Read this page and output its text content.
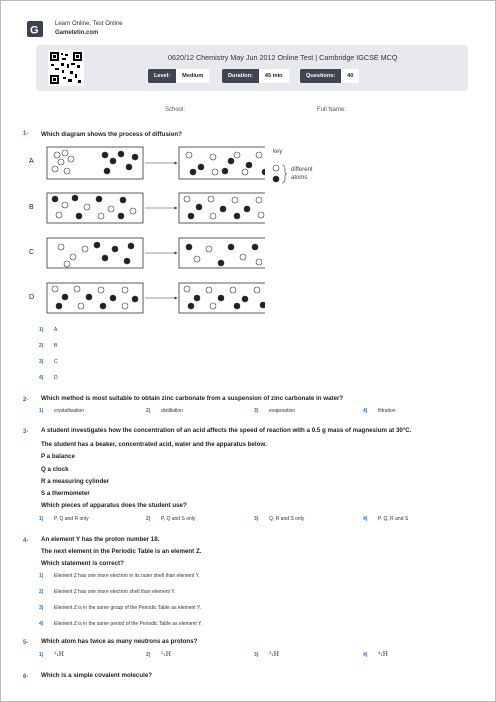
G
Learn Online, Test Online
Gametetin.com
0620/12 Chemistry May Jun 2012 Online Test | Cambridge IGCSE MCQ
Level:	Medium	Duration:	45 min	Questions:	40
School:	Full Name:
1- Which diagram shows the process of diffusion?
A
B
C
D
key
different
atoms
1) A
2) B
3) C
4) D
2- Which method is most suitable to obtain zinc carbonate from a suspension of zinc carbonate in water?
1) crystallisation	2) distillation	3) evaporation	4) filtration
3- A student investigates how the concentration of an acid affects the speed of reaction with a 0.5 g mass of magnesium at 30°C.
The student has a beaker, concentrated acid, water and the apparatus below.
P a balance
Q a clock
R a measuring cylinder
S a thermometer
Which pieces of apparatus does the student use?
1) P, Q and R only	2) P, Q and S only	3) Q, R and S only	4) P, Q, R and S
4- An element Y has the proton number 18.
The next element in the Periodic Table is an element Z.
Which statement is correct?
1) Element Z has one more electron in its outer shell than element Y.
2) Element Z has one more electron shell than element Y.
3) Element Z is in the same group of the Periodic Table as element Y.
4) Element Z is in the same period of the Periodic Table as element Y.
5- Which atom has twice as many neutrons as protons?
1) ¹₁H	2) ²₁H	3) ³₁H	4) ⁴₁H
6- Which is a simple covalent molecule?
